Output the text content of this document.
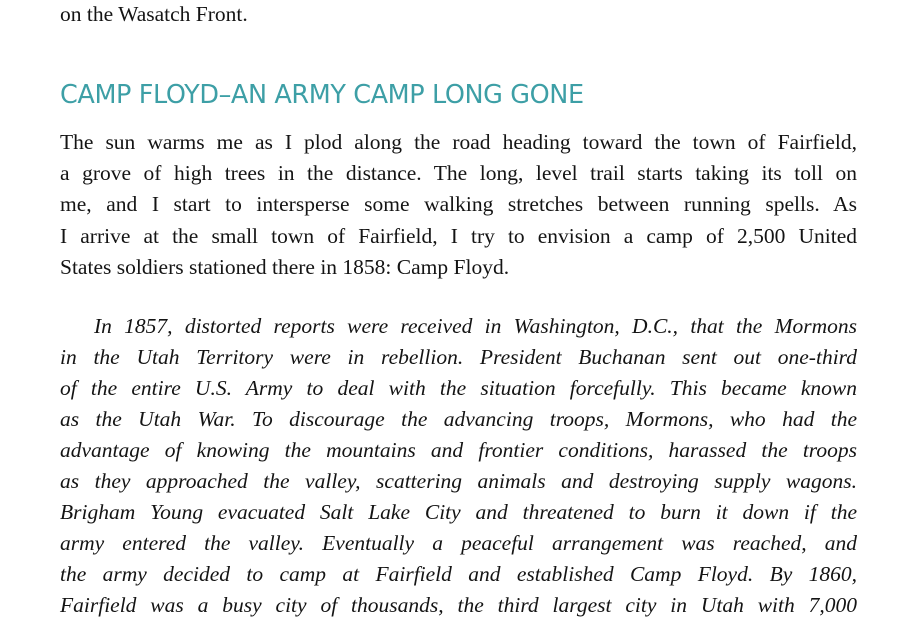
on the Wasatch Front.
CAMP FLOYD–AN ARMY CAMP LONG GONE
The sun warms me as I plod along the road heading toward the town of Fairfield,
a grove of high trees in the distance. The long, level trail starts taking its toll on
me, and I start to intersperse some walking stretches between running spells. As
I arrive at the small town of Fairfield, I try to envision a camp of 2,500 United
States soldiers stationed there in 1858: Camp Floyd.
In 1857, distorted reports were received in Washington, D.C., that the Mormons
in the Utah Territory were in rebellion. President Buchanan sent out one-third
of the entire U.S. Army to deal with the situation forcefully. This became known
as the Utah War. To discourage the advancing troops, Mormons, who had the
advantage of knowing the mountains and frontier conditions, harassed the troops
as they approached the valley, scattering animals and destroying supply wagons.
Brigham Young evacuated Salt Lake City and threatened to burn it down if the
army entered the valley. Eventually a peaceful arrangement was reached, and
the army decided to camp at Fairfield and established Camp Floyd. By 1860,
Fairfield was a busy city of thousands, the third largest city in Utah with 7,000
